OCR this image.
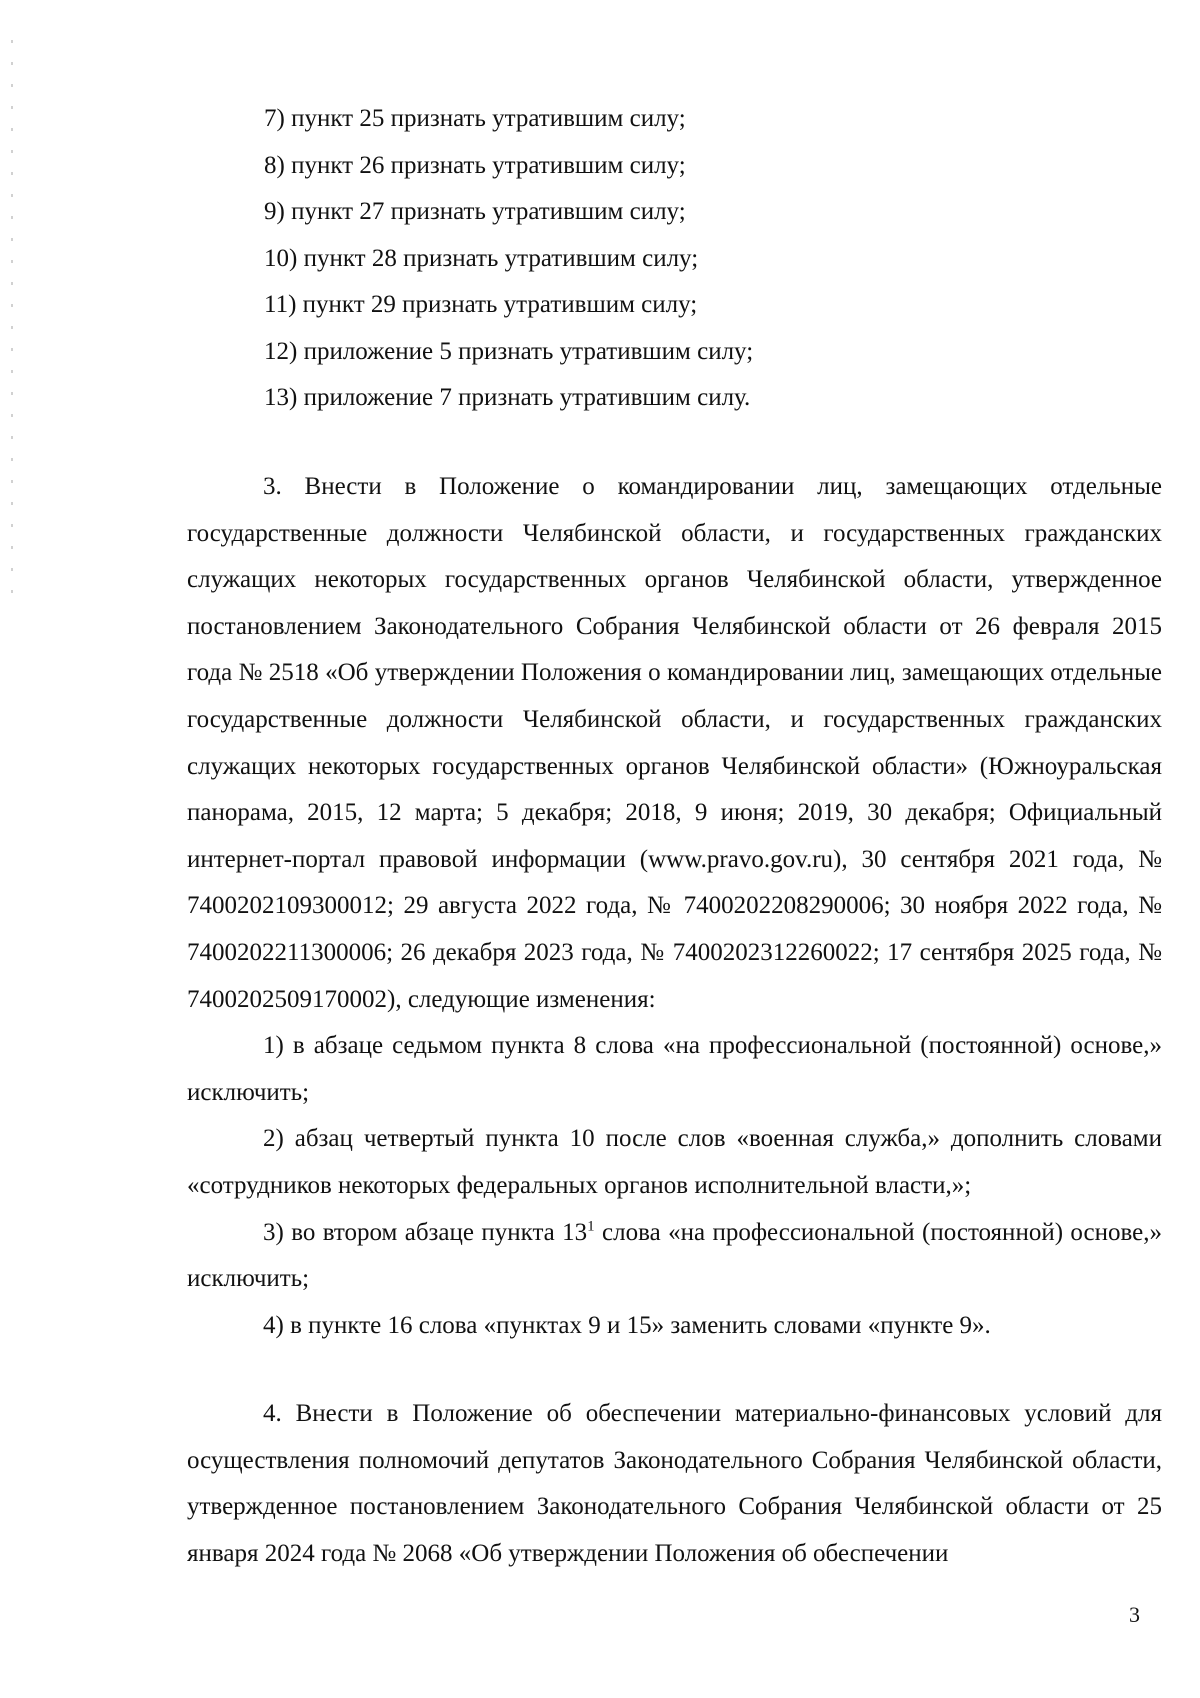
7) пункт 25 признать утратившим силу;
8) пункт 26 признать утратившим силу;
9) пункт 27 признать утратившим силу;
10) пункт 28 признать утратившим силу;
11) пункт 29 признать утратившим силу;
12) приложение 5 признать утратившим силу;
13) приложение 7 признать утратившим силу.

3. Внести в Положение о командировании лиц, замещающих отдельные государственные должности Челябинской области, и государственных гражданских служащих некоторых государственных органов Челябинской области, утвержденное постановлением Законодательного Собрания Челябинской области от 26 февраля 2015 года № 2518 «Об утверждении Положения о командировании лиц, замещающих отдельные государственные должности Челябинской области, и государственных гражданских служащих некоторых государственных органов Челябинской области» (Южноуральская панорама, 2015, 12 марта; 5 декабря; 2018, 9 июня; 2019, 30 декабря; Официальный интернет-портал правовой информации (www.pravo.gov.ru), 30 сентября 2021 года, № 7400202109300012; 29 августа 2022 года, № 7400202208290006; 30 ноября 2022 года, № 7400202211300006; 26 декабря 2023 года, № 7400202312260022; 17 сентября 2025 года, № 7400202509170002), следующие изменения:

1) в абзаце седьмом пункта 8 слова «на профессиональной (постоянной) основе,» исключить;

2) абзац четвертый пункта 10 после слов «военная служба,» дополнить словами «сотрудников некоторых федеральных органов исполнительной власти,»;

3) во втором абзаце пункта $13^1$ слова «на профессиональной (постоянной) основе,» исключить;

4) в пункте 16 слова «пунктах 9 и 15» заменить словами «пункте 9».

4. Внести в Положение об обеспечении материально-финансовых условий для осуществления полномочий депутатов Законодательного Собрания Челябинской области, утвержденное постановлением Законодательного Собрания Челябинской области от 25 января 2024 года № 2068 «Об утверждении Положения об обеспечении

3
